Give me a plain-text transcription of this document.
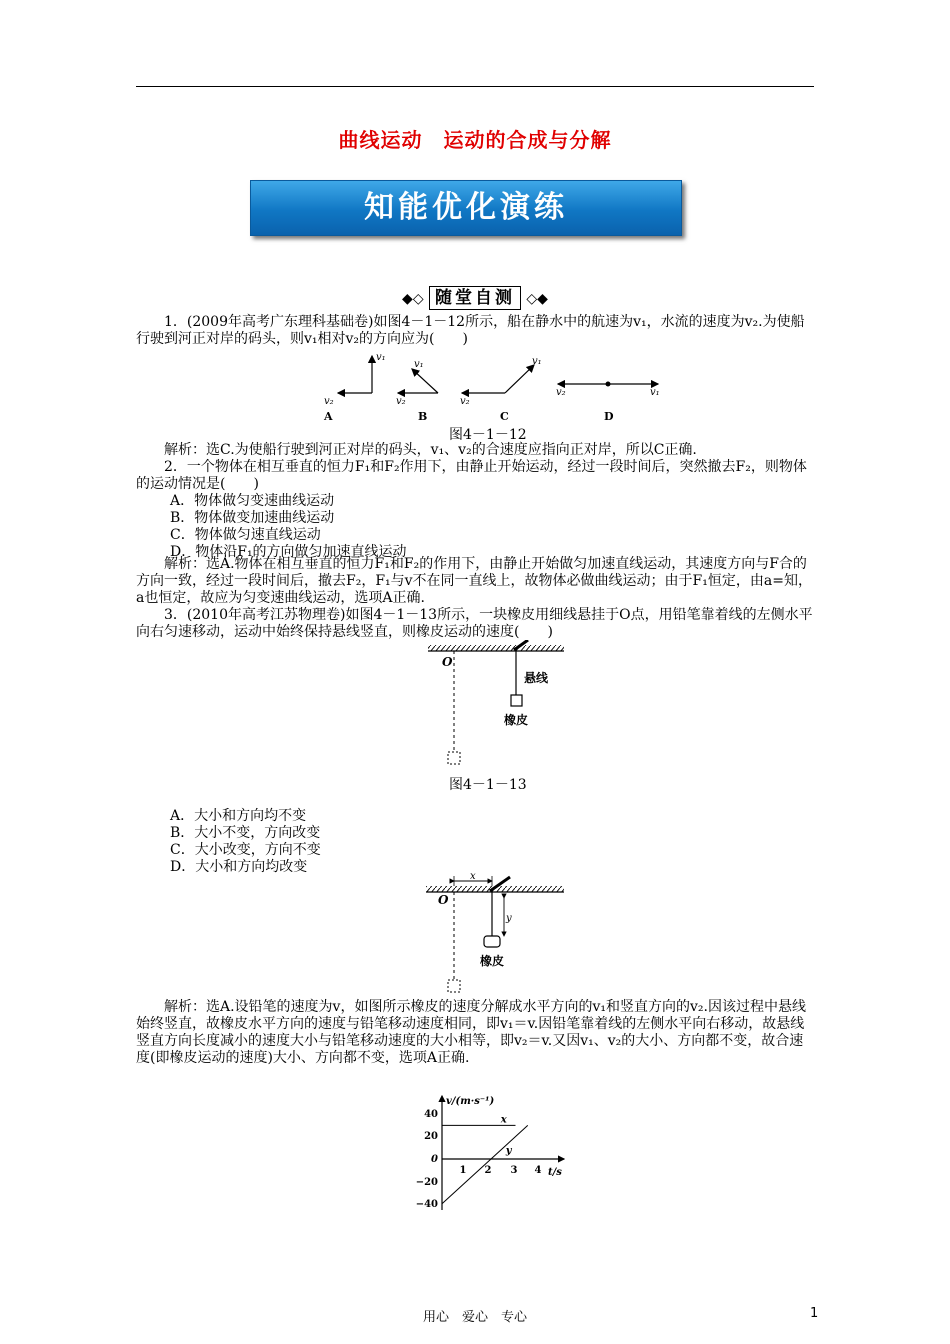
曲线运动　运动的合成与分解
知能优化演练
◆◇ 随堂自测 ◇◆
1．(2009年高考广东理科基础卷)如图4－1－12所示，船在静水中的航速为v₁，水流的速度为v₂.为使船行驶到河正对岸的码头，则v₁相对v₂的方向应为(　　)
v₁
v₂
A
v₁
v₂
B
v₁
v₂
C
v₂	v₁
D
图4－1－12
解析：选C.为使船行驶到河正对岸的码头，v₁、v₂的合速度应指向正对岸，所以C正确.
2．一个物体在相互垂直的恒力F₁和F₂作用下，由静止开始运动，经过一段时间后，突然撤去F₂，则物体的运动情况是(　　)
A．物体做匀变速曲线运动
B．物体做变加速曲线运动
C．物体做匀速直线运动
D．物体沿F₁的方向做匀加速直线运动
解析：选A.物体在相互垂直的恒力F₁和F₂的作用下，由静止开始做匀加速直线运动，其速度方向与F合的方向一致，经过一段时间后，撤去F₂，F₁与v不在同一直线上，故物体必做曲线运动；由于F₁恒定，由a=知，a也恒定，故应为匀变速曲线运动，选项A正确.
3．(2010年高考江苏物理卷)如图4－1－13所示，一块橡皮用细线悬挂于O点，用铅笔靠着线的左侧水平向右匀速移动，运动中始终保持悬线竖直，则橡皮运动的速度(　　)
O
悬线
橡皮
图4－1－13
A．大小和方向均不变
B．大小不变，方向改变
C．大小改变，方向不变
D．大小和方向均改变
O
x
y
橡皮
解析：选A.设铅笔的速度为v，如图所示橡皮的速度分解成水平方向的v₁和竖直方向的v₂.因该过程中悬线始终竖直，故橡皮水平方向的速度与铅笔移动速度相同，即v₁＝v.因铅笔靠着线的左侧水平向右移动，故悬线竖直方向长度减小的速度大小与铅笔移动速度的大小相等，即v₂＝v.又因v₁、v₂的大小、方向都不变，故合速度(即橡皮运动的速度)大小、方向都不变，选项A正确.
v/(m·s⁻¹)
t/s
1 2 3 4
40
20
0
−20
−40
x
y
用心　爱心　专心	1
